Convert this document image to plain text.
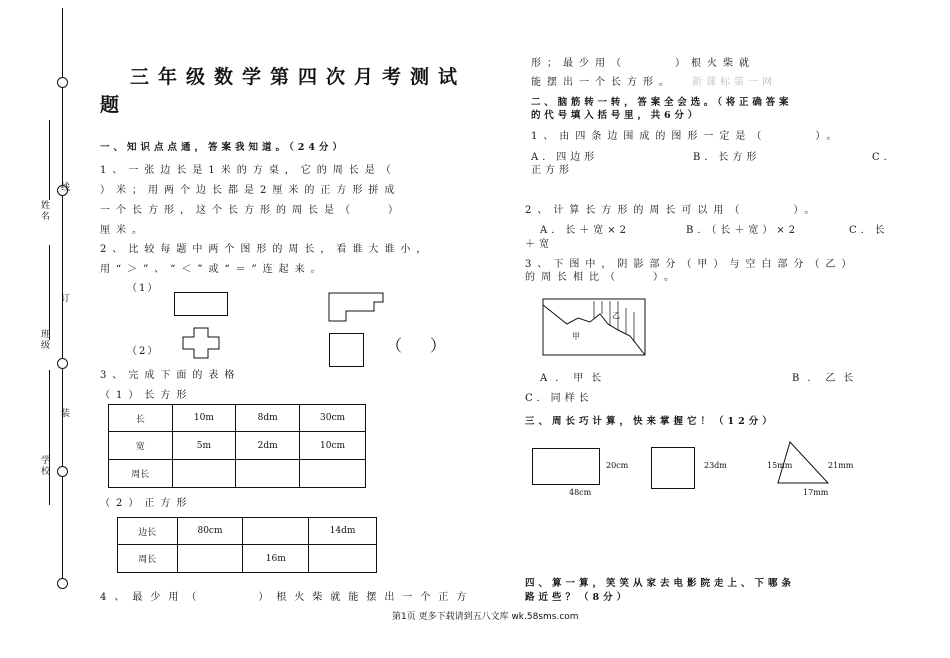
姓名
线
班级
订
装
学校
三年级数学第四次月考测试
题
一、知识点点通，答案我知道。（24分）
1、一张边长是1米的方桌，它的周长是（
）米；用两个边长都是2厘米的正方形拼成
一个长方形，这个长方形的周长是（　　）
厘米。
2、比较每题中两个图形的周长，看谁大谁小，
用“＞”、“＜”或“＝”连起来。
（1）
（2）	（　）
3、完成下面的表格
（1）长方形
长	10m	8dm	30cm
宽	5m	2dm	10cm
周长			
（2）正方形
边长	80cm		14dm
周长		16m	
4、最少用（　　　）根火柴就能摆出一个正方
形；最少用（　　　）根火柴就
能摆出一个长方形。 新课标第一网
二、脑筋转一转，答案全会选。（将正确答案
的代号填入括号里，共6分）
1、由四条边围成的图形一定是（　　　）。
A．四边形	B．长方形	C．
正方形
2、计算长方形的周长可以用（　　　）。
A．长＋宽×2	B．（长＋宽）×2	C．长
＋宽
3、下图中，阴影部分（甲）与空白部分（乙）
的周长相比（　　）。
甲
乙
A．甲长	B．乙长
C．同样长
三、周长巧计算，快来掌握它！（12分）
20cm
48cm
23dm	15mm	21mm
17mm
四、算一算，笑笑从家去电影院走上、下哪条
路近些？（8分）
第1页 更多下载请到五八文库 wk.58sms.com
